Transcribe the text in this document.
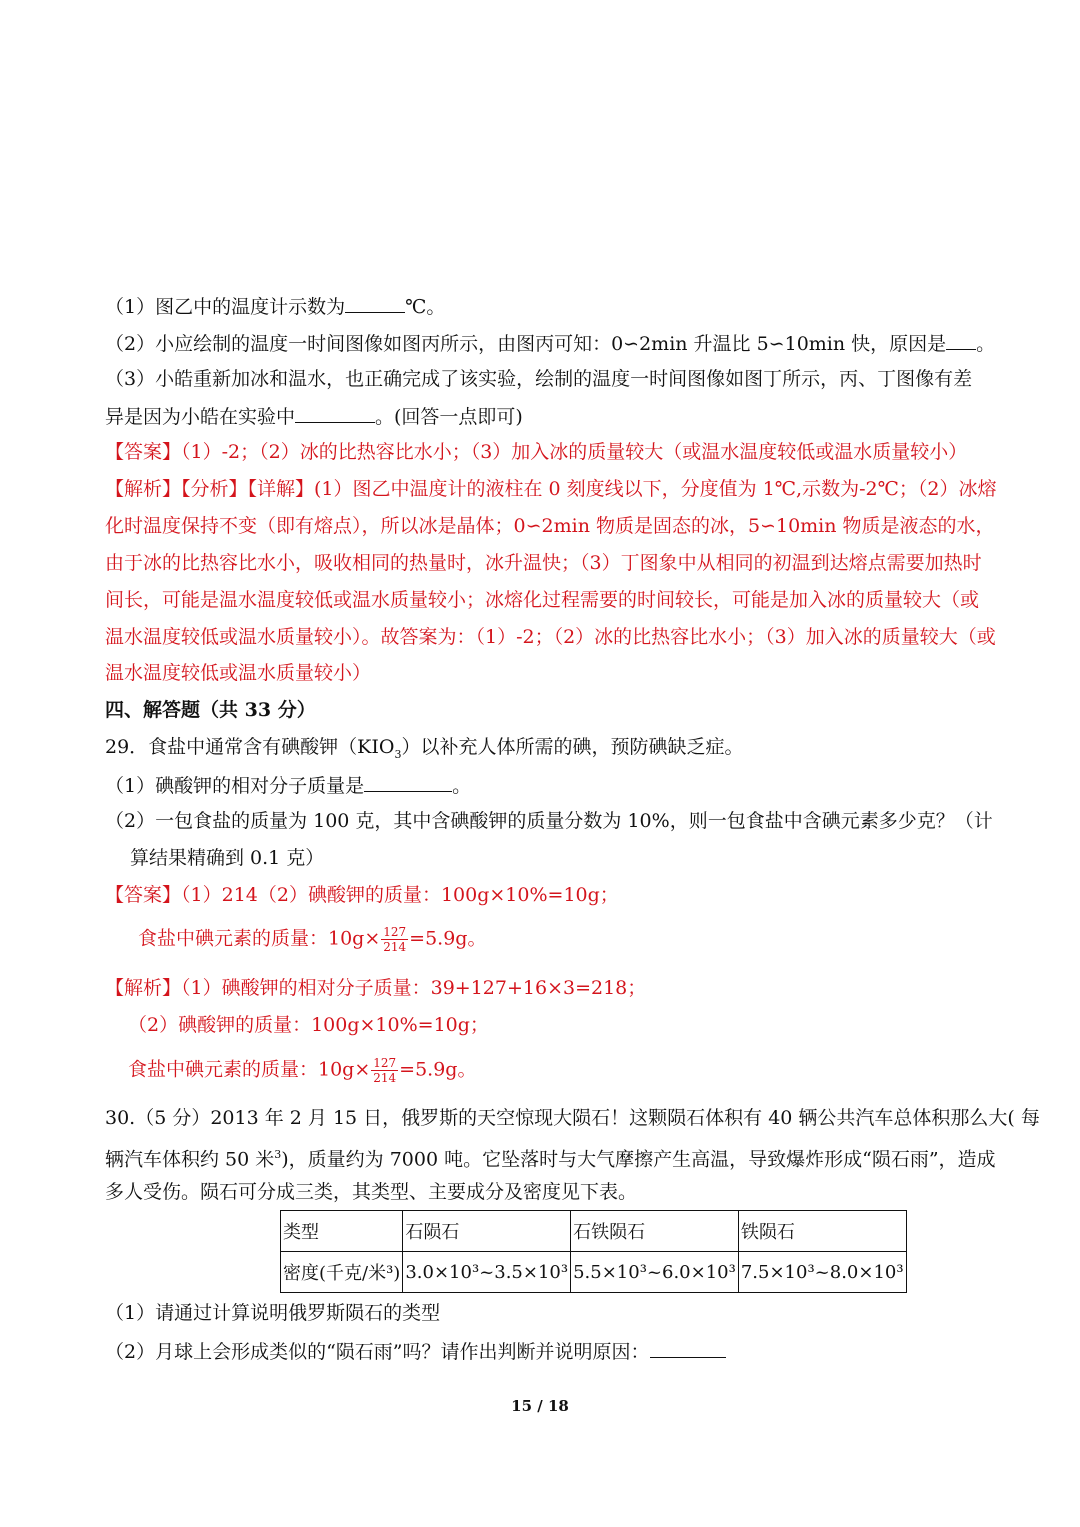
（1）图乙中的温度计示数为	℃。
（2）小应绘制的温度一时间图像如图丙所示，由图丙可知：0∽2min 升温比 5∽10min 快，原因是 。
（3）小皓重新加冰和温水，也正确完成了该实验，绘制的温度一时间图像如图丁所示，丙、丁图像有差
异是因为小皓在实验中	。(回答一点即可)
【答案】（1）-2；（2）冰的比热容比水小；（3）加入冰的质量较大（或温水温度较低或温水质量较小）
【解析】【分析】【详解】(1）图乙中温度计的液柱在 0 刻度线以下，分度值为 1℃,示数为-2℃；（2）冰熔
化时温度保持不变（即有熔点），所以冰是晶体；0∽2min 物质是固态的冰，5∽10min 物质是液态的水，
由于冰的比热容比水小，吸收相同的热量时，冰升温快；（3）丁图象中从相同的初温到达熔点需要加热时
间长，可能是温水温度较低或温水质量较小；冰熔化过程需要的时间较长，可能是加入冰的质量较大（或
温水温度较低或温水质量较小）。故答案为：（1）-2；（2）冰的比热容比水小；（3）加入冰的质量较大（或
温水温度较低或温水质量较小）
四、解答题（共 33 分）
29．食盐中通常含有碘酸钾$(KIO_3)$以补充人体所需的碘，预防碘缺乏症。
（1）碘酸钾的相对分子质量是	。
（2）一包食盐的质量为 100 克，其中含碘酸钾的质量分数为 10%，则一包食盐中含碘元素多少克？（计
算结果精确到 0.1 克）
【答案】（1）214（2）碘酸钾的质量：100g×10%=10g；
食盐中碘元素的质量：$10g\times \frac{127}{214} =5.9g$。
【解析】（1）碘酸钾的相对分子质量：39+127+16×3=218；
（2）碘酸钾的质量：100g×10%=10g；
食盐中碘元素的质量：$10g\times \frac{127}{214} =5.9g$。
30.（5 分）2013 年 2 月 15 日，俄罗斯的天空惊现大陨石！这颗陨石体积有 40 辆公共汽车总体积那么大( 每
辆汽车体积约 50 米$^3$)，质量约为 7000 吨。它坠落时与大气摩擦产生高温，导致爆炸形成“陨石雨”，造成
多人受伤。陨石可分成三类，其类型、主要成分及密度见下表。
类型	石陨石	石铁陨石	铁陨石
密度(千克/米³)	3.0×10³~3.5×10³	5.5×10³~6.0×10³	7.5×10³~8.0×10³
（1）请通过计算说明俄罗斯陨石的类型
（2）月球上会形成类似的“陨石雨”吗？请作出判断并说明原因：
15 / 18
